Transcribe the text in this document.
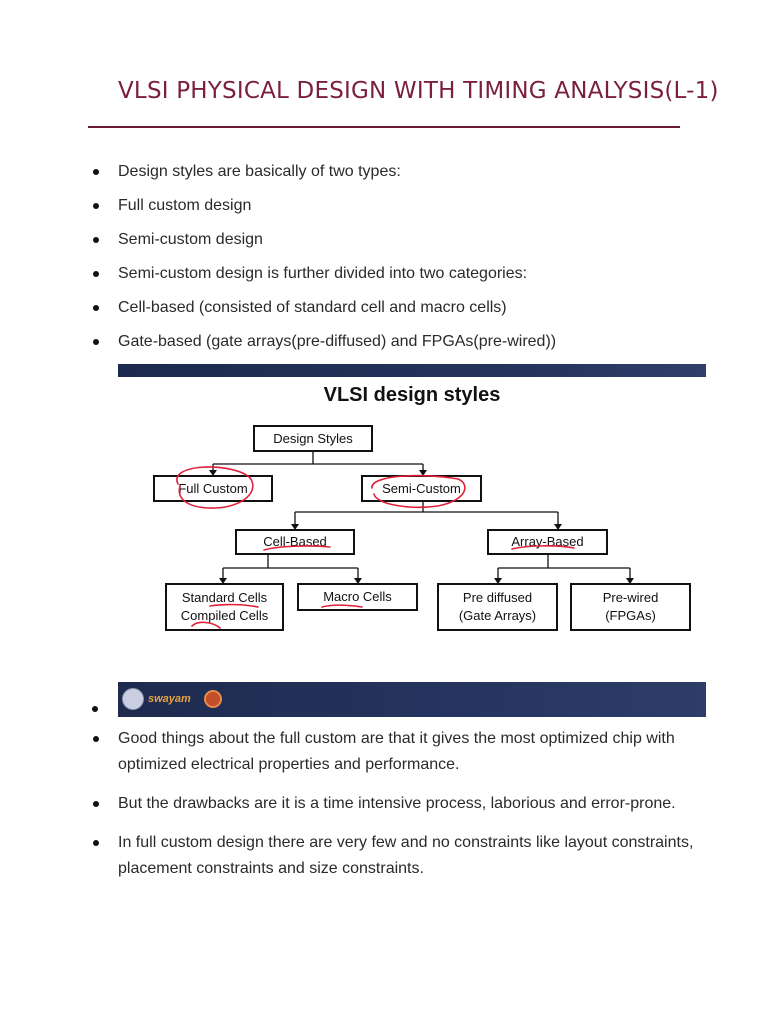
VLSI PHYSICAL DESIGN WITH TIMING ANALYSIS(L-1)
Design styles are basically of two types:
Full custom design
Semi-custom design
Semi-custom design is further divided into two categories:
Cell-based (consisted of standard cell and macro cells)
Gate-based (gate arrays(pre-diffused) and FPGAs(pre-wired))
VLSI design styles
Design Styles
Full Custom	Semi-Custom
Cell-Based	Array-Based
Standard Cells
Compiled Cells
Macro Cells	Pre diffused
(Gate Arrays)
Pre-wired
(FPGAs)
swayam
Good things about the full custom are that it gives the most optimized chip with optimized electrical properties and performance.
But the drawbacks are it is a time intensive process, laborious and error-prone.
In full custom design there are very few and no constraints like layout constraints, placement constraints and size constraints.
